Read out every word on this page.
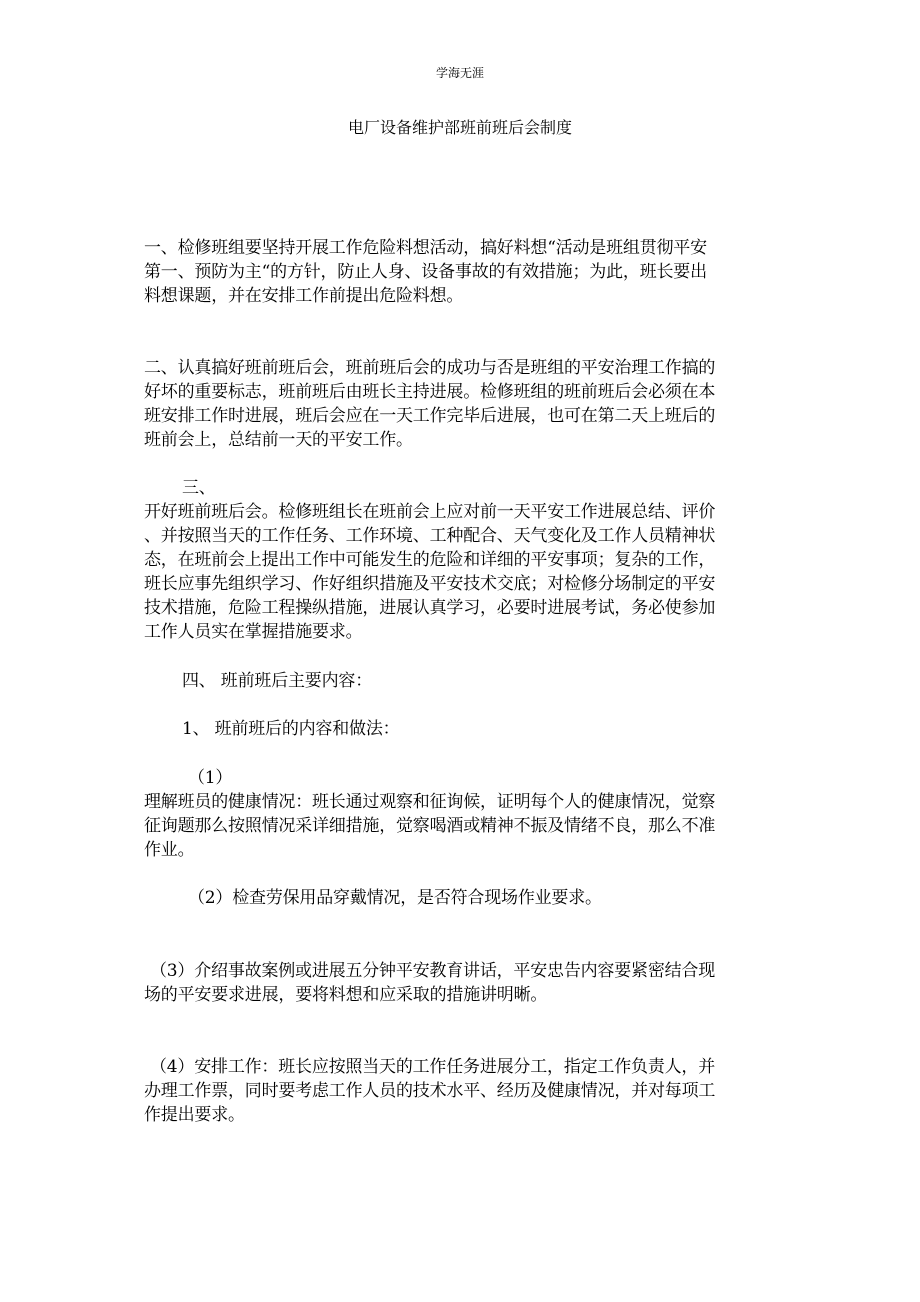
学海无涯
电厂设备维护部班前班后会制度
一、检修班组要坚持开展工作危险料想活动，搞好料想“活动是班组贯彻平安
第一、预防为主“的方针，防止人身、设备事故的有效措施；为此，班长要出
料想课题，并在安排工作前提出危险料想。
二、认真搞好班前班后会，班前班后会的成功与否是班组的平安治理工作搞的
好坏的重要标志，班前班后由班长主持进展。检修班组的班前班后会必须在本
班安排工作时进展，班后会应在一天工作完毕后进展，也可在第二天上班后的
班前会上，总结前一天的平安工作。
三、
开好班前班后会。检修班组长在班前会上应对前一天平安工作进展总结、评价
、并按照当天的工作任务、工作环境、工种配合、天气变化及工作人员精神状
态，在班前会上提出工作中可能发生的危险和详细的平安事项；复杂的工作，
班长应事先组织学习、作好组织措施及平安技术交底；对检修分场制定的平安
技术措施，危险工程操纵措施，进展认真学习，必要时进展考试，务必使参加
工作人员实在掌握措施要求。
四、 班前班后主要内容：
1、 班前班后的内容和做法：
（1）
理解班员的健康情况：班长通过观察和征询候，证明每个人的健康情况，觉察
征询题那么按照情况采详细措施，觉察喝酒或精神不振及情绪不良，那么不准
作业。
（2）检查劳保用品穿戴情况，是否符合现场作业要求。
（3）介绍事故案例或进展五分钟平安教育讲话，平安忠告内容要紧密结合现
场的平安要求进展，要将料想和应采取的措施讲明晰。
（4）安排工作：班长应按照当天的工作任务进展分工，指定工作负责人，并
办理工作票，同时要考虑工作人员的技术水平、经历及健康情况，并对每项工
作提出要求。
